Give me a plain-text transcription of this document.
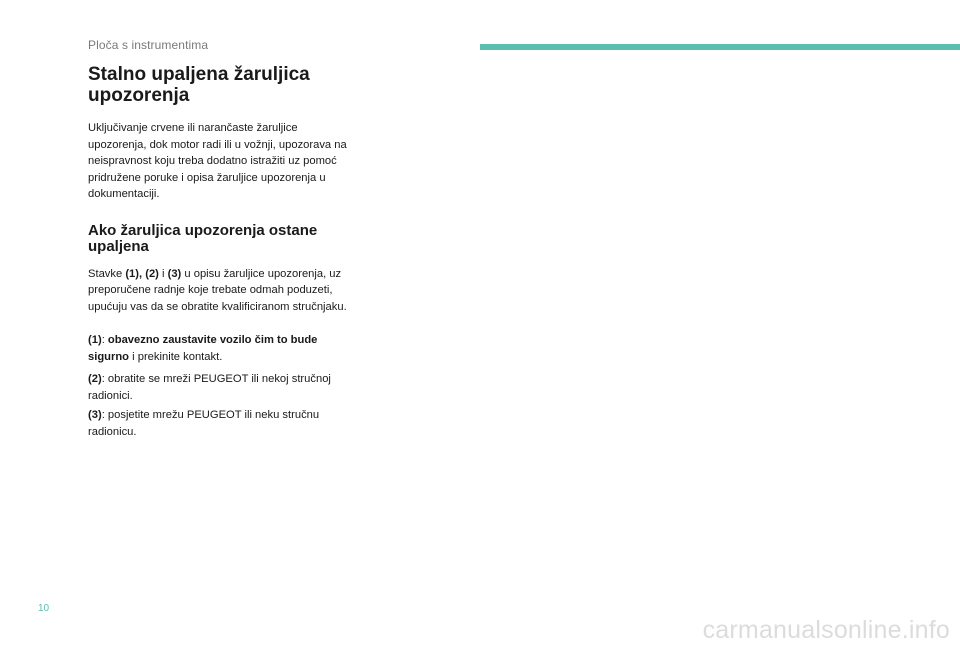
Ploča s instrumentima
Stalno upaljena žaruljica upozorenja

Uključivanje crvene ili narančaste žaruljice upozorenja, dok motor radi ili u vožnji, upozorava na neispravnost koju treba dodatno istražiti uz pomoć pridružene poruke i opisa žaruljice upozorenja u dokumentaciji.

Ako žaruljica upozorenja ostane upaljena

Stavke (1), (2) i (3) u opisu žaruljice upozorenja, uz preporučene radnje koje trebate odmah poduzeti, upućuju vas da se obratite kvalificiranom stručnjaku.

(1): obavezno zaustavite vozilo čim to bude sigurno i prekinite kontakt.

(2): obratite se mreži PEUGEOT ili nekoj stručnoj radionici.

(3): posjetite mrežu PEUGEOT ili neku stručnu radionicu.

10
carmanualsonline.info
